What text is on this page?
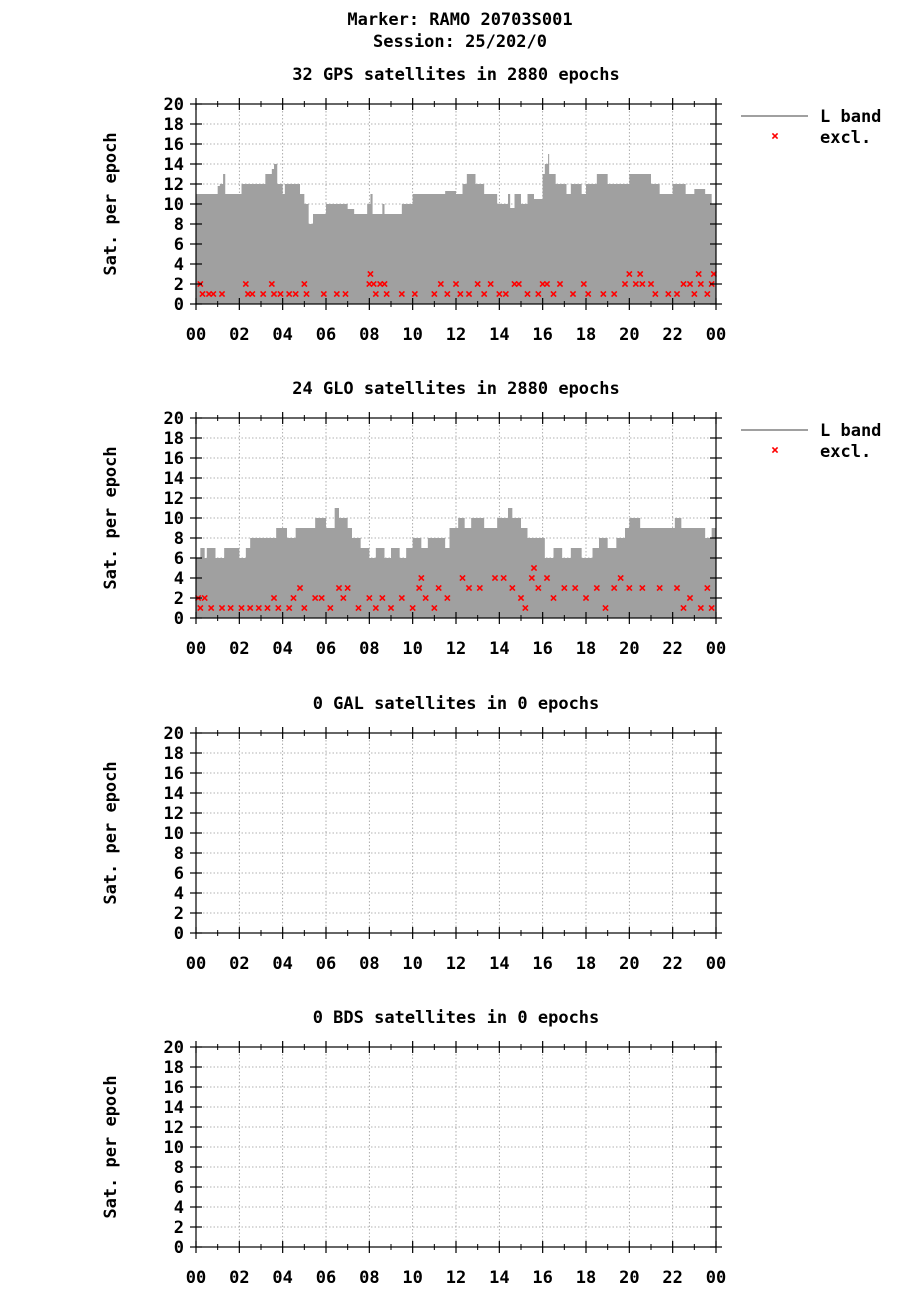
Marker: RAMO 20703S001
Session: 25/202/0
32 GPS satellites in 2880 epochs
0
2
4
6
8
10
12
14
16
18
20
00 02 04 06 08 10 12 14 16 18 20 22 00
Sat. per epoch
L band
excl.
24 GLO satellites in 2880 epochs
0
2
4
6
8
10
12
14
16
18
20
00 02 04 06 08 10 12 14 16 18 20 22 00
Sat. per epoch
L band
excl.
0 GAL satellites in 0 epochs
0
2
4
6
8
10
12
14
16
18
20
00 02 04 06 08 10 12 14 16 18 20 22 00
Sat. per epoch
0 BDS satellites in 0 epochs
0
2
4
6
8
10
12
14
16
18
20
00 02 04 06 08 10 12 14 16 18 20 22 00
Sat. per epoch
